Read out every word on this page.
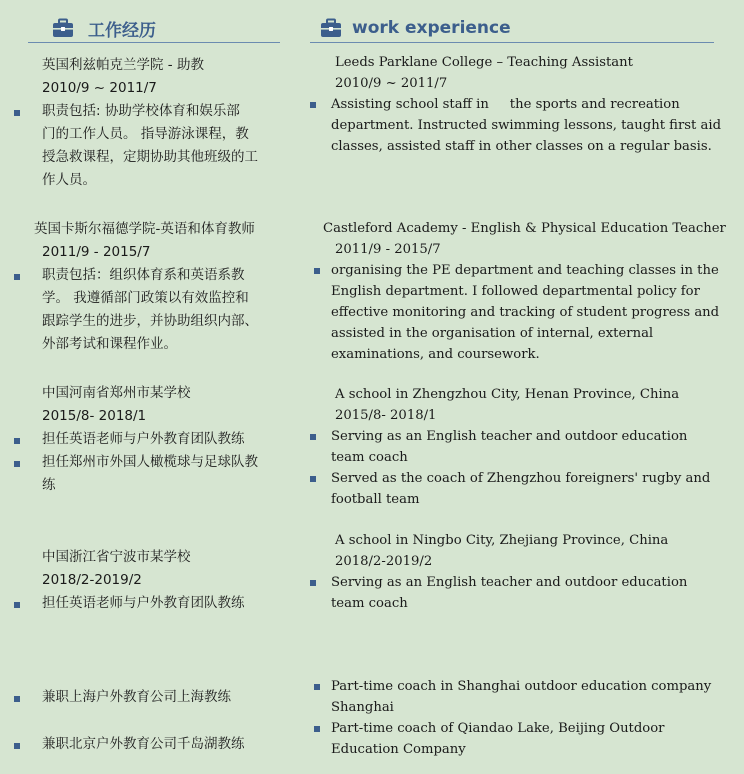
工作经历
英国利兹帕克兰学院 - 助教
2010/9 ~ 2011/7
职责包括: 协助学校体育和娱乐部
门的工作人员。 指导游泳课程，教
授急救课程，定期协助其他班级的工
作人员。
英国卡斯尔福德学院-英语和体育教师
2011/9 - 2015/7
职责包括：组织体育系和英语系教
学。 我遵循部门政策以有效监控和
跟踪学生的进步，并协助组织内部、
外部考试和课程作业。
中国河南省郑州市某学校
2015/8- 2018/1
担任英语老师与户外教育团队教练
担任郑州市外国人橄榄球与足球队教
练
中国浙江省宁波市某学校
2018/2-2019/2
担任英语老师与户外教育团队教练
兼职上海户外教育公司上海教练
兼职北京户外教育公司千岛湖教练
work experience
Leeds Parklane College – Teaching Assistant
2010/9 ~ 2011/7
Assisting school staff in     the sports and recreation
department. Instructed swimming lessons, taught first aid
classes, assisted staff in other classes on a regular basis.
Castleford Academy - English & Physical Education Teacher
2011/9 - 2015/7
organising the PE department and teaching classes in the
English department. I followed departmental policy for
effective monitoring and tracking of student progress and
assisted in the organisation of internal, external
examinations, and coursework.
A school in Zhengzhou City, Henan Province, China
2015/8- 2018/1
Serving as an English teacher and outdoor education
team coach
Served as the coach of Zhengzhou foreigners' rugby and
football team
A school in Ningbo City, Zhejiang Province, China
2018/2-2019/2
Serving as an English teacher and outdoor education
team coach
Part-time coach in Shanghai outdoor education company
Shanghai
Part-time coach of Qiandao Lake, Beijing Outdoor
Education Company
